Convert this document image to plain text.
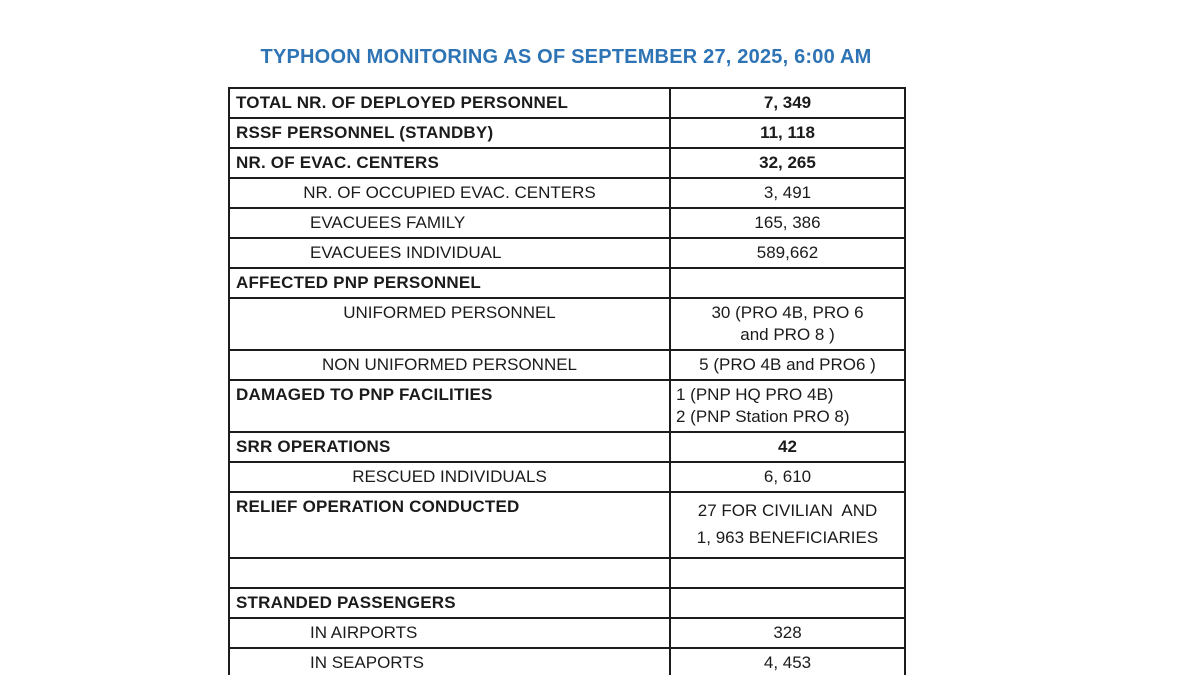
TYPHOON MONITORING AS OF SEPTEMBER 27, 2025, 6:00 AM
TOTAL NR. OF DEPLOYED PERSONNEL	7, 349

RSSF PERSONNEL (STANDBY)	11, 118

NR. OF EVAC. CENTERS	32, 265

NR. OF OCCUPIED EVAC. CENTERS	3, 491

EVACUEES FAMILY	165, 386

EVACUEES INDIVIDUAL	589,662

AFFECTED PNP PERSONNEL	

UNIFORMED PERSONNEL	30 (PRO 4B, PRO 6
and PRO 8 )

NON UNIFORMED PERSONNEL	5 (PRO 4B and PRO6 )

DAMAGED TO PNP FACILITIES	1 (PNP HQ PRO 4B)
2 (PNP Station PRO 8)

SRR OPERATIONS	42

RESCUED INDIVIDUALS	6, 610

RELIEF OPERATION CONDUCTED	27 FOR CIVILIAN  AND
1, 963 BENEFICIARIES

STRANDED PASSENGERS	

IN AIRPORTS	328

IN SEAPORTS	4, 453
